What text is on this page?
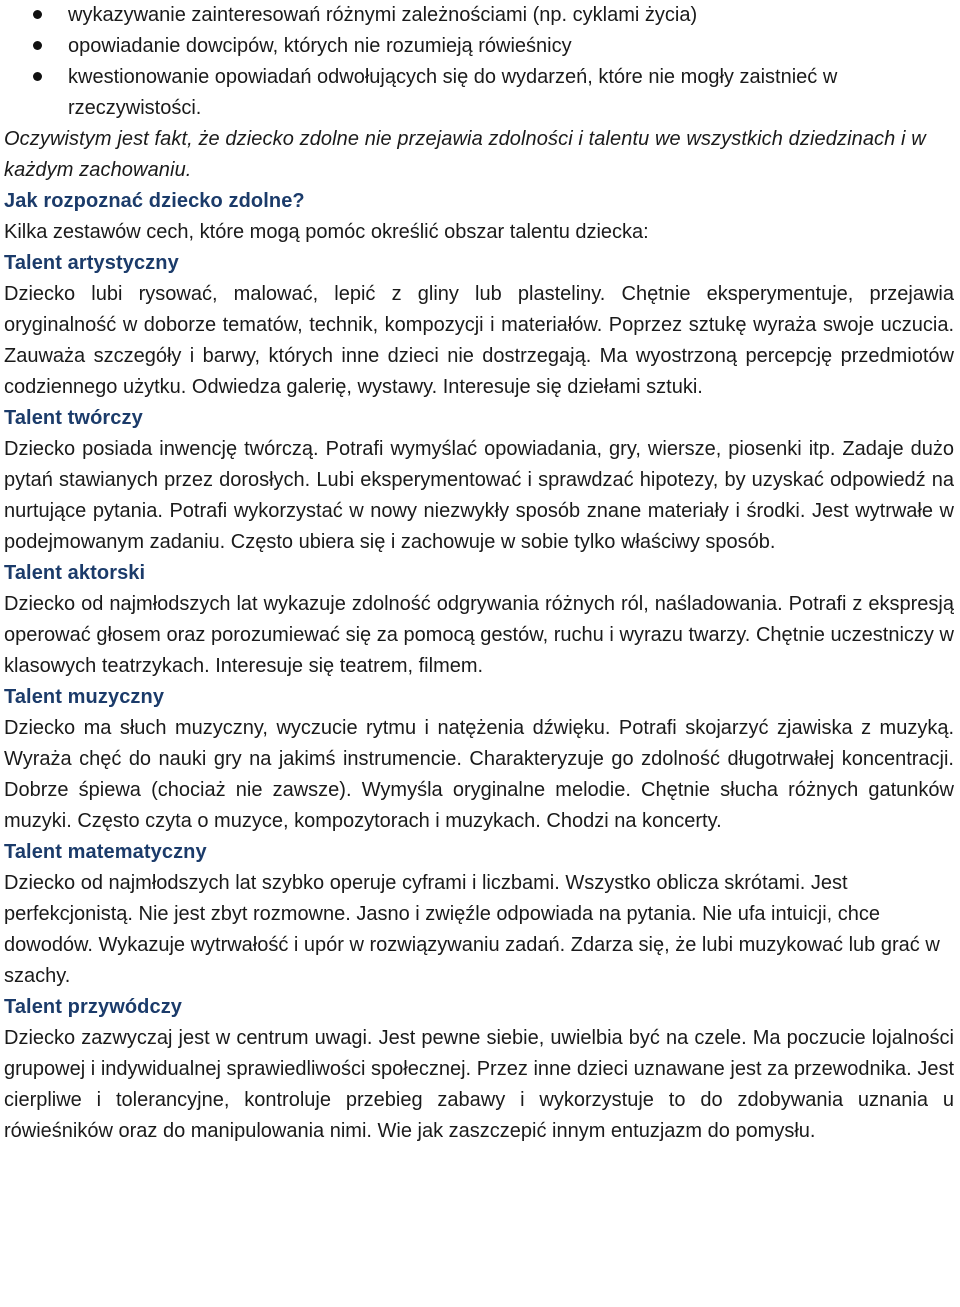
wykazywanie zainteresowań różnymi zależnościami (np. cyklami życia)
opowiadanie dowcipów, których nie rozumieją rówieśnicy
kwestionowanie opowiadań odwołujących się do wydarzeń, które nie mogły zaistnieć w rzeczywistości.

Oczywistym jest fakt, że dziecko zdolne nie przejawia zdolności i talentu we wszystkich dziedzinach i w każdym zachowaniu.

Jak rozpoznać dziecko zdolne?

Kilka zestawów cech, które mogą pomóc określić obszar talentu dziecka:

Talent artystyczny

Dziecko lubi rysować, malować, lepić z gliny lub plasteliny. Chętnie eksperymentuje, przejawia oryginalność w doborze tematów, technik, kompozycji i materiałów. Poprzez sztukę wyraża swoje uczucia. Zauważa szczegóły i barwy, których inne dzieci nie dostrzegają. Ma wyostrzoną percepcję przedmiotów codziennego użytku. Odwiedza galerię, wystawy. Interesuje się dziełami sztuki.

Talent twórczy

Dziecko posiada inwencję twórczą. Potrafi wymyślać opowiadania, gry, wiersze, piosenki itp. Zadaje dużo pytań stawianych przez dorosłych. Lubi eksperymentować i sprawdzać hipotezy, by uzyskać odpowiedź na nurtujące pytania. Potrafi wykorzystać w nowy niezwykły sposób znane materiały i środki. Jest wytrwałe w podejmowanym zadaniu. Często ubiera się i zachowuje w sobie tylko właściwy sposób.

Talent aktorski

Dziecko od najmłodszych lat wykazuje zdolność odgrywania różnych ról, naśladowania. Potrafi z ekspresją operować głosem oraz porozumiewać się za pomocą gestów, ruchu i wyrazu twarzy. Chętnie uczestniczy w klasowych teatrzykach. Interesuje się teatrem, filmem.

Talent muzyczny

Dziecko ma słuch muzyczny, wyczucie rytmu i natężenia dźwięku. Potrafi skojarzyć zjawiska z muzyką. Wyraża chęć do nauki gry na jakimś instrumencie. Charakteryzuje go zdolność długotrwałej koncentracji. Dobrze śpiewa (chociaż nie zawsze). Wymyśla oryginalne melodie. Chętnie słucha różnych gatunków muzyki. Często czyta o muzyce, kompozytorach i muzykach. Chodzi na koncerty.

Talent matematyczny

Dziecko od najmłodszych lat szybko operuje cyframi i liczbami. Wszystko oblicza skrótami. Jest perfekcjonistą. Nie jest zbyt rozmowne. Jasno i zwięźle odpowiada na pytania. Nie ufa intuicji, chce dowodów. Wykazuje wytrwałość i upór w rozwiązywaniu zadań. Zdarza się, że lubi muzykować lub grać w szachy.

Talent przywódczy

Dziecko zazwyczaj jest w centrum uwagi. Jest pewne siebie, uwielbia być na czele. Ma poczucie lojalności grupowej i indywidualnej sprawiedliwości społecznej. Przez inne dzieci uznawane jest za przewodnika. Jest cierpliwe i tolerancyjne, kontroluje przebieg zabawy i wykorzystuje to do zdobywania uznania u rówieśników oraz do manipulowania nimi. Wie jak zaszczepić innym entuzjazm do pomysłu.
